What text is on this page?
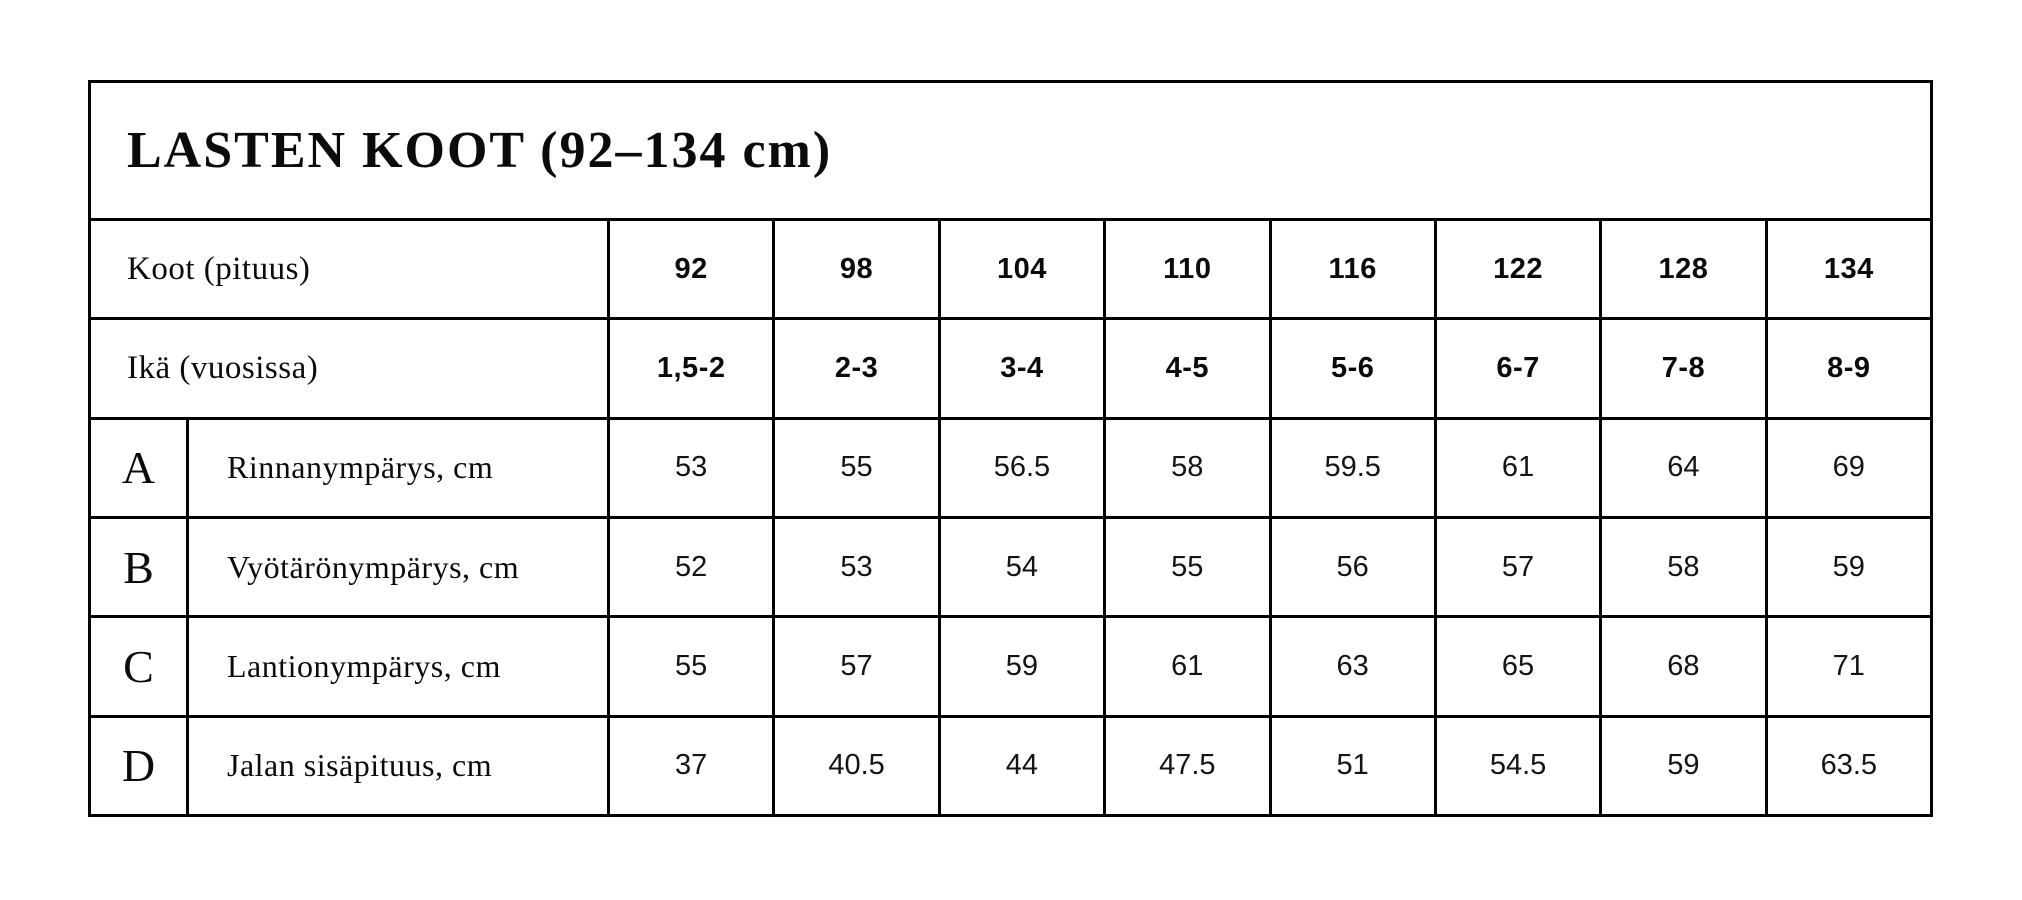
LASTEN KOOT (92–134 cm)
Koot (pituus)	92	98	104	110	116	122	128	134
Ikä (vuosissa)	1,5-2	2-3	3-4	4-5	5-6	6-7	7-8	8-9
A	Rinnanympärys, cm	53	55	56.5	58	59.5	61	64	69
B	Vyötärönympärys, cm	52	53	54	55	56	57	58	59
C	Lantionympärys, cm	55	57	59	61	63	65	68	71
D	Jalan sisäpituus, cm	37	40.5	44	47.5	51	54.5	59	63.5
